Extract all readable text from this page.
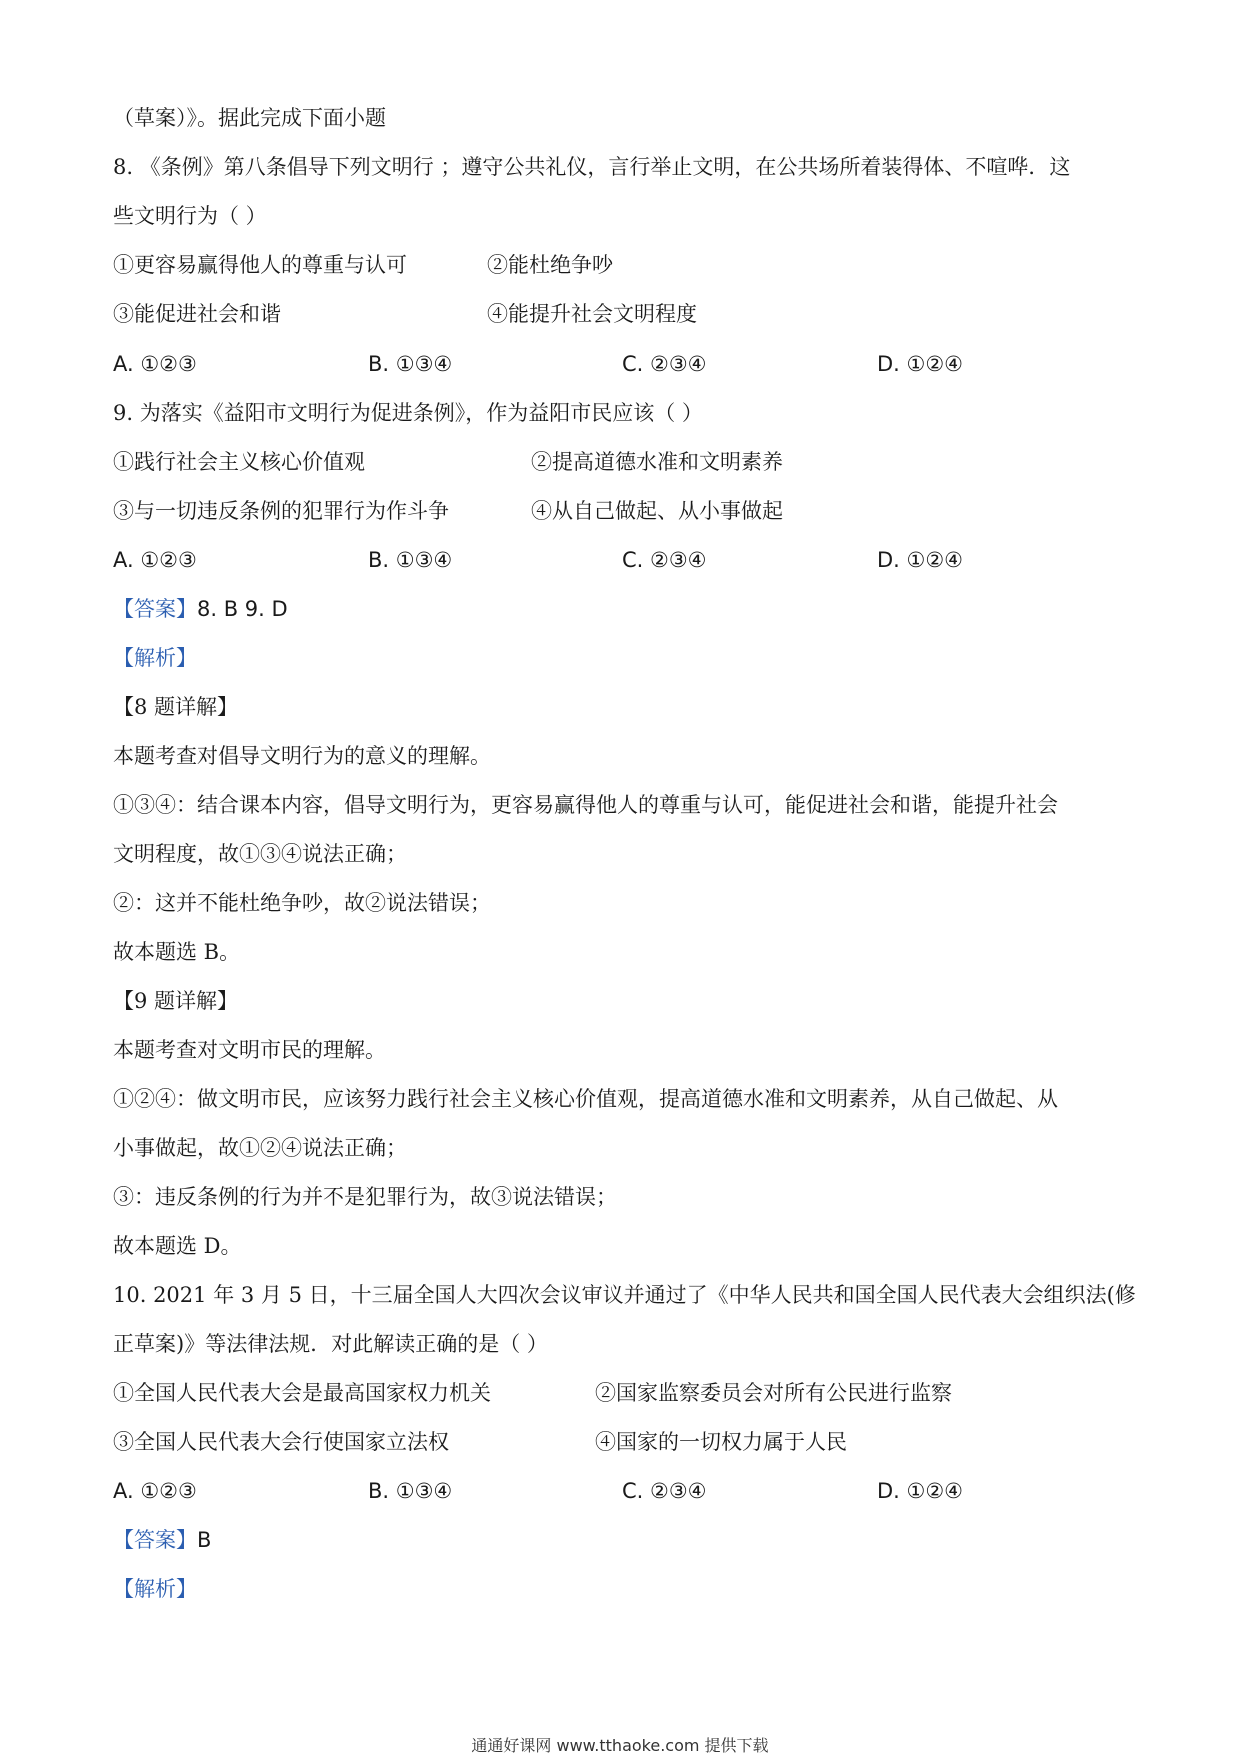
（草案）》。据此完成下面小题
8. 《条例》第八条倡导下列文明行 ；遵守公共礼仪，言行举止文明，在公共场所着装得体、不喧哗．这
些文明行为（ ）
①更容易赢得他人的尊重与认可	②能杜绝争吵
③能促进社会和谐	④能提升社会文明程度
A. ①②③	B. ①③④	C. ②③④	D. ①②④
9. 为落实《益阳市文明行为促进条例》，作为益阳市民应该（ ）
①践行社会主义核心价值观	②提高道德水准和文明素养
③与一切违反条例的犯罪行为作斗争	④从自己做起、从小事做起
A. ①②③	B. ①③④	C. ②③④	D. ①②④
【答案】8. B 9. D
【解析】
【8 题详解】
本题考查对倡导文明行为的意义的理解。
①③④：结合课本内容，倡导文明行为，更容易赢得他人的尊重与认可，能促进社会和谐，能提升社会
文明程度，故①③④说法正确；
②：这并不能杜绝争吵，故②说法错误；
故本题选 B。
【9 题详解】
本题考查对文明市民的理解。
①②④：做文明市民，应该努力践行社会主义核心价值观，提高道德水准和文明素养，从自己做起、从
小事做起，故①②④说法正确；
③：违反条例的行为并不是犯罪行为，故③说法错误；
故本题选 D。
10. 2021 年 3 月 5 日，十三届全国人大四次会议审议并通过了《中华人民共和国全国人民代表大会组织法(修
正草案)》等法律法规．对此解读正确的是（ ）
①全国人民代表大会是最高国家权力机关	②国家监察委员会对所有公民进行监察
③全国人民代表大会行使国家立法权	④国家的一切权力属于人民
A. ①②③	B. ①③④	C. ②③④	D. ①②④
【答案】B
【解析】
通通好课网 www.tthaoke.com 提供下载
